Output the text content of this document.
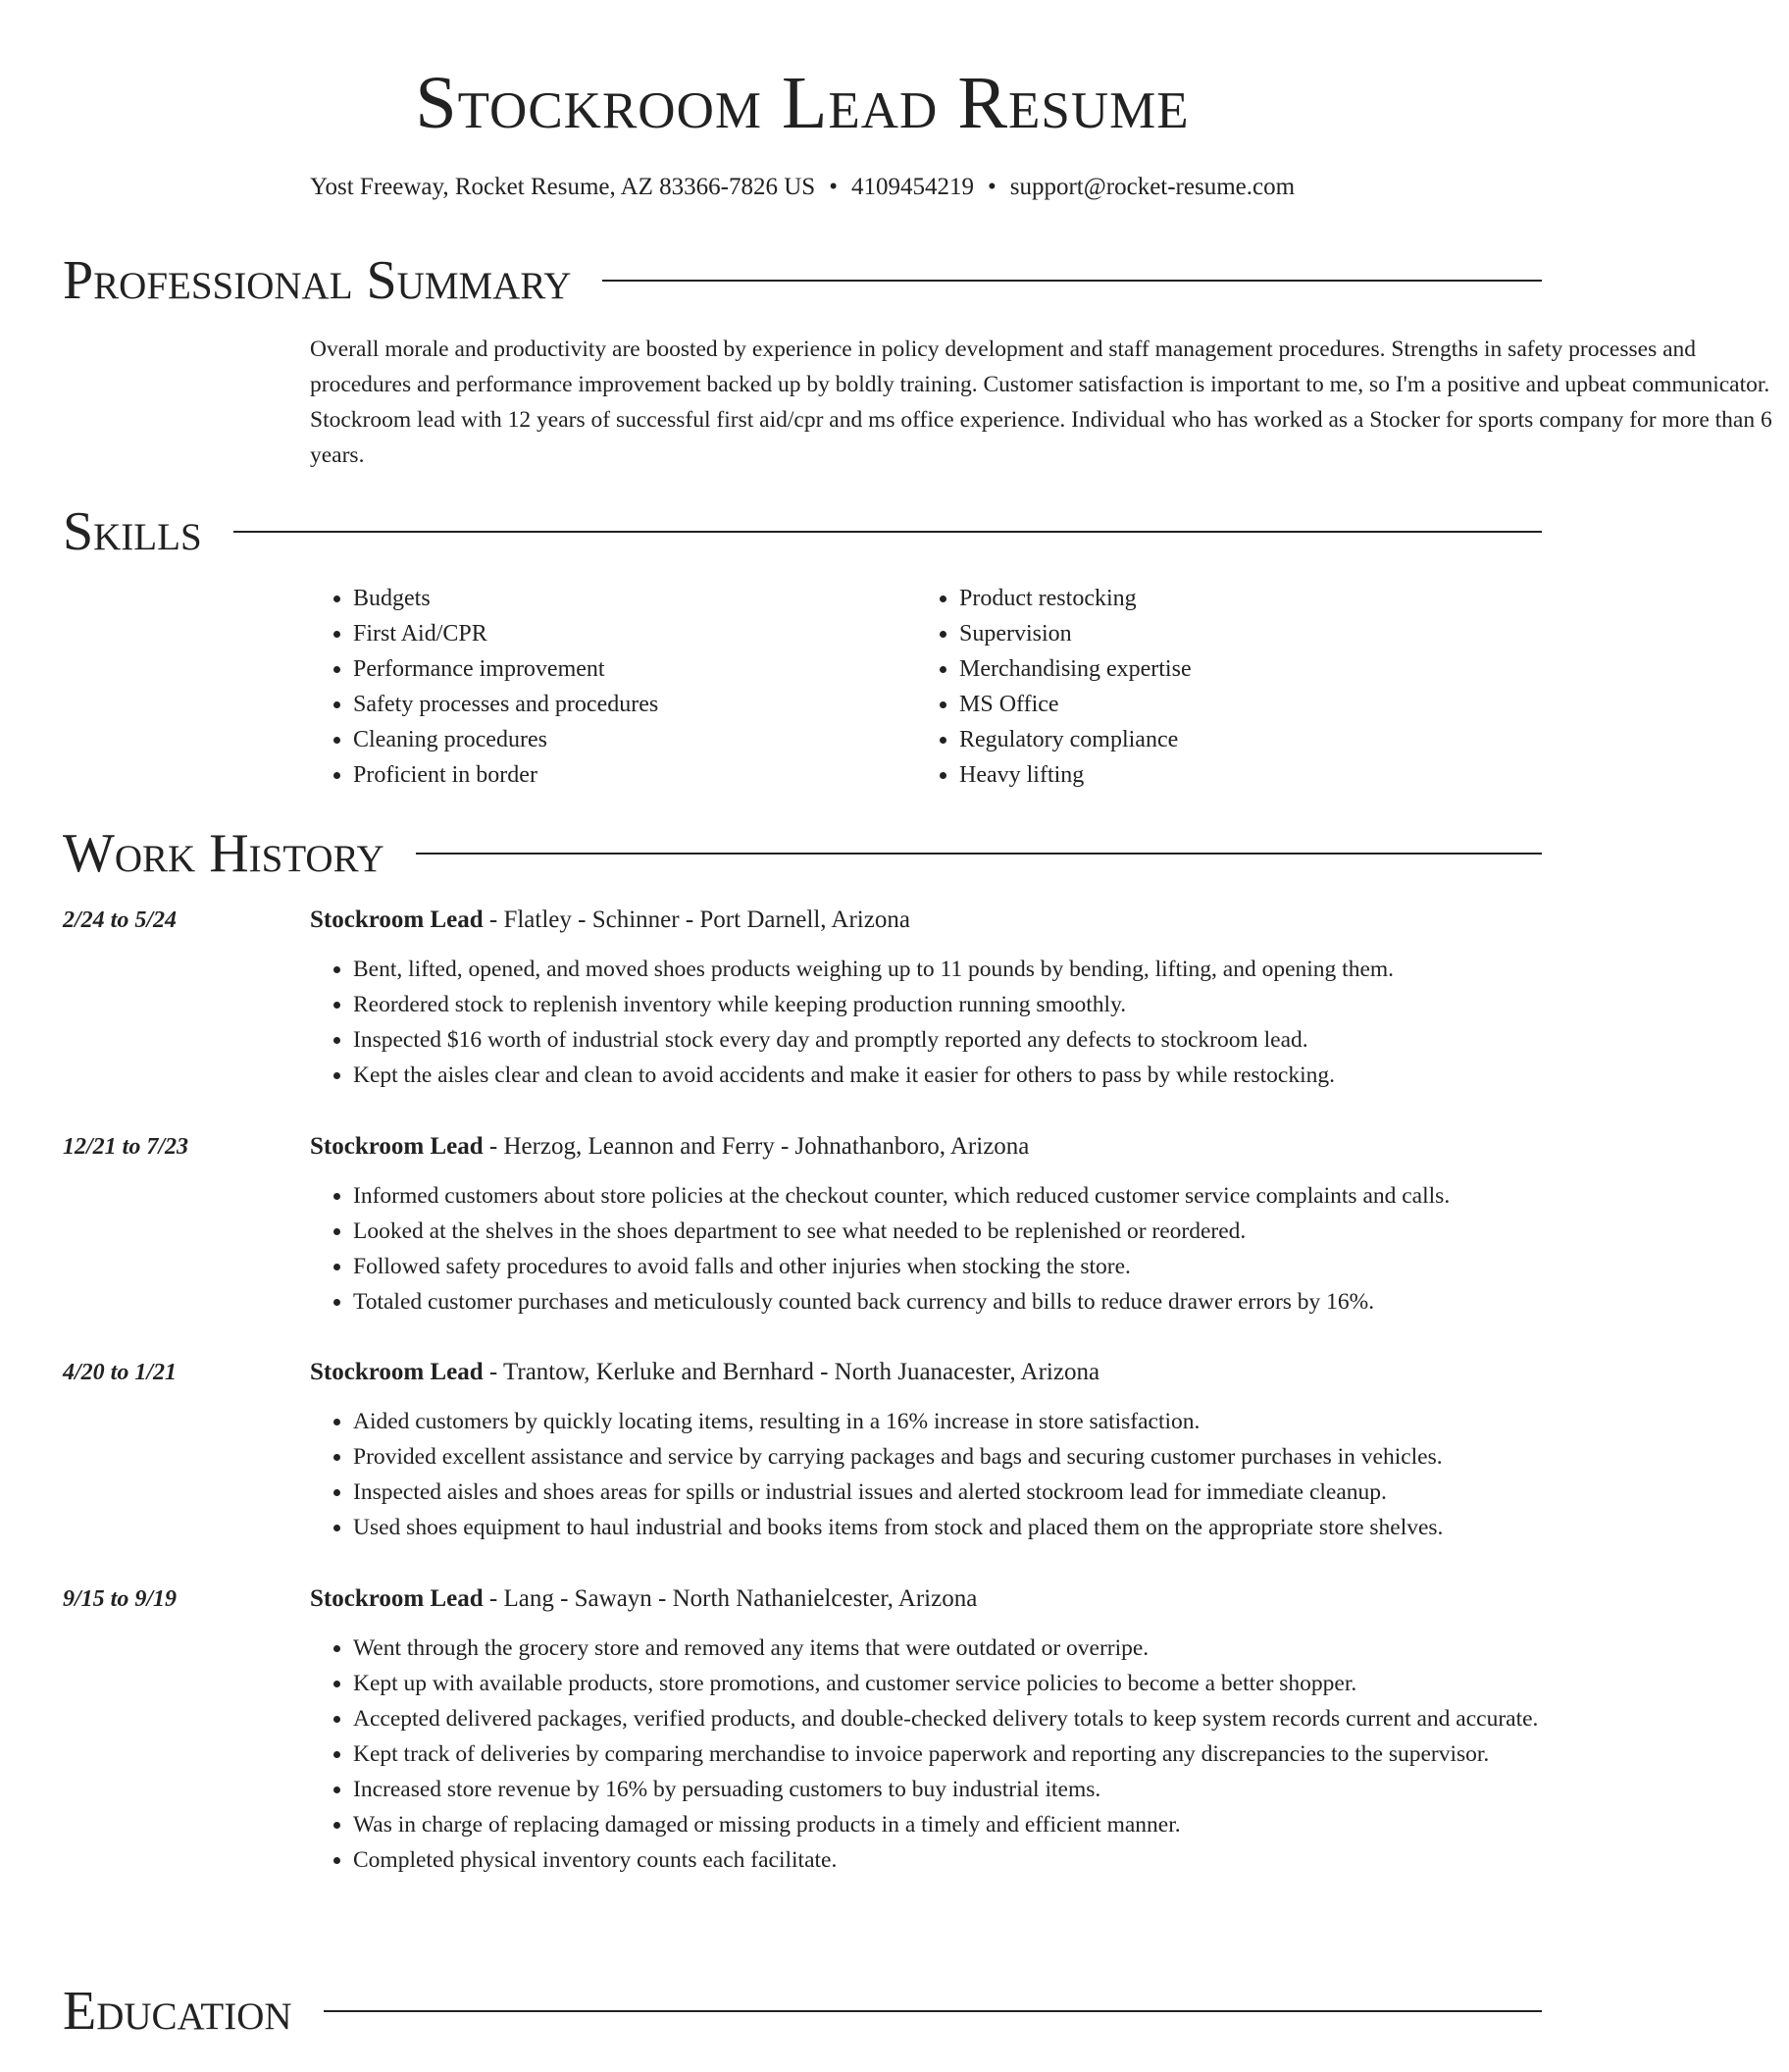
Stockroom Lead Resume
Yost Freeway, Rocket Resume, AZ 83366-7826 US • 4109454219 • support@rocket-resume.com
Professional Summary
Overall morale and productivity are boosted by experience in policy development and staff management procedures. Strengths in safety processes and procedures and performance improvement backed up by boldly training. Customer satisfaction is important to me, so I'm a positive and upbeat communicator. Stockroom lead with 12 years of successful first aid/cpr and ms office experience. Individual who has worked as a Stocker for sports company for more than 6 years.
Skills
• Budgets
• First Aid/CPR
• Performance improvement
• Safety processes and procedures
• Cleaning procedures
• Proficient in border
• Product restocking
• Supervision
• Merchandising expertise
• MS Office
• Regulatory compliance
• Heavy lifting
Work History
2/24 to 5/24	Stockroom Lead - Flatley - Schinner - Port Darnell, Arizona
• Bent, lifted, opened, and moved shoes products weighing up to 11 pounds by bending, lifting, and opening them.
• Reordered stock to replenish inventory while keeping production running smoothly.
• Inspected $16 worth of industrial stock every day and promptly reported any defects to stockroom lead.
• Kept the aisles clear and clean to avoid accidents and make it easier for others to pass by while restocking.
12/21 to 7/23	Stockroom Lead - Herzog, Leannon and Ferry - Johnathanboro, Arizona
• Informed customers about store policies at the checkout counter, which reduced customer service complaints and calls.
• Looked at the shelves in the shoes department to see what needed to be replenished or reordered.
• Followed safety procedures to avoid falls and other injuries when stocking the store.
• Totaled customer purchases and meticulously counted back currency and bills to reduce drawer errors by 16%.
4/20 to 1/21	Stockroom Lead - Trantow, Kerluke and Bernhard - North Juanacester, Arizona
• Aided customers by quickly locating items, resulting in a 16% increase in store satisfaction.
• Provided excellent assistance and service by carrying packages and bags and securing customer purchases in vehicles.
• Inspected aisles and shoes areas for spills or industrial issues and alerted stockroom lead for immediate cleanup.
• Used shoes equipment to haul industrial and books items from stock and placed them on the appropriate store shelves.
9/15 to 9/19	Stockroom Lead - Lang - Sawayn - North Nathanielcester, Arizona
• Went through the grocery store and removed any items that were outdated or overripe.
• Kept up with available products, store promotions, and customer service policies to become a better shopper.
• Accepted delivered packages, verified products, and double-checked delivery totals to keep system records current and accurate.
• Kept track of deliveries by comparing merchandise to invoice paperwork and reporting any discrepancies to the supervisor.
• Increased store revenue by 16% by persuading customers to buy industrial items.
• Was in charge of replacing damaged or missing products in a timely and efficient manner.
• Completed physical inventory counts each facilitate.
Education
